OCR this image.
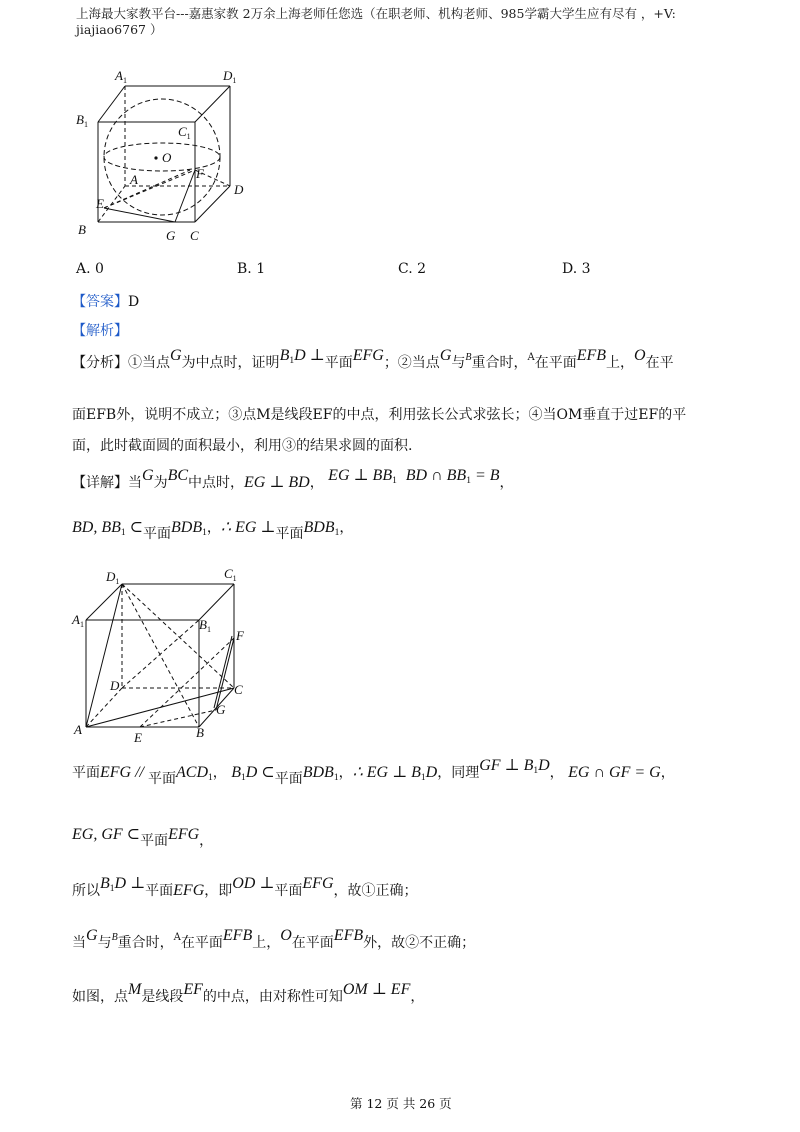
上海最大家教平台---嘉惠家教 2万余上海老师任您选（在职老师、机构老师、985学霸大学生应有尽有 ，+V: jiajiao6767 ）
$A_1$	$D_1$
$B_1$	$C_1$
O
A	F
D
E
B	G C
A. 0	B. 1	C. 2	D. 3
【答案】D
【解析】
【分析】①当点G为中点时，证明B1D ⊥平面EFG；②当点G与$^B$重合时，$^A$在平面EFB上，O在平
面EFB外，说明不成立；③点M是线段EF的中点，利用弦长公式求弦长；④当OM垂直于过EF的平
面，此时截面圆的面积最小，利用③的结果求圆的面积.
【详解】当G为BC中点时，EG ⊥ BD， EG ⊥ BB1 BD ∩ BB1 = B，
BD, BB1 ⊂平面BDB1，∴ EG ⊥平面BDB1，
$D_1$
$C_1$
$A_1$	$B_1$ F
D	C
G
A
E	B
平面EFG // 平面ACD1， B1D ⊂平面BDB1，∴ EG ⊥ B1D，同理GF ⊥ B1D， EG ∩ GF = G，
EG, GF ⊂平面EFG，
所以B1D ⊥平面EFG，即OD ⊥平面EFG，故①正确；
当G与$^B$重合时，$^A$在平面EFB上，O在平面EFB外，故②不正确；
如图，点M是线段EF的中点，由对称性可知OM ⊥ EF，
第 12 页 共 26 页
